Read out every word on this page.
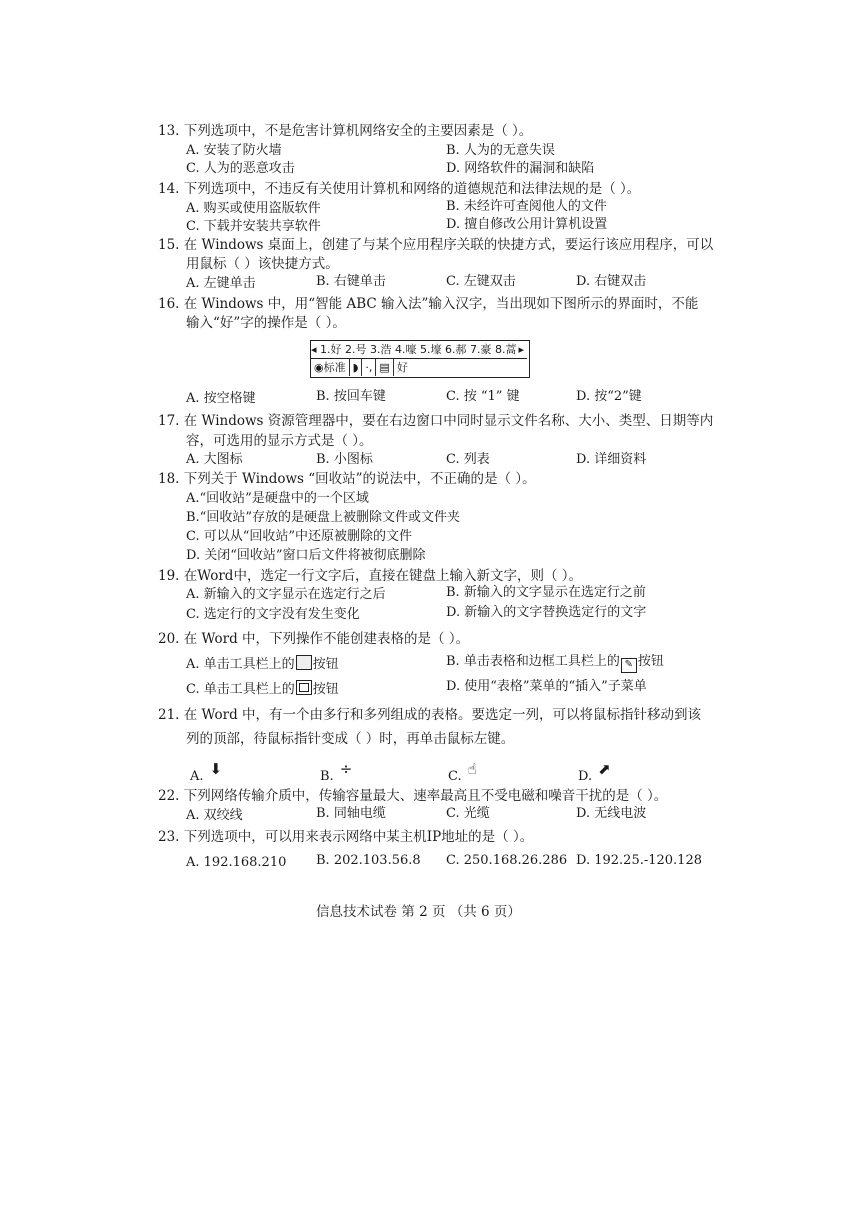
13. 下列选项中，不是危害计算机网络安全的主要因素是（ ）。
A. 安装了防火墙	B. 人为的无意失误
C. 人为的恶意攻击	D. 网络软件的漏洞和缺陷
14. 下列选项中，不违反有关使用计算机和网络的道德规范和法律法规的是（ ）。
A. 购买或使用盗版软件	B. 未经许可查阅他人的文件
C. 下载并安装共享软件	D. 擅自修改公用计算机设置
15. 在 Windows 桌面上，创建了与某个应用程序关联的快捷方式，要运行该应用程序，可以
用鼠标（ ）该快捷方式。
A. 左键单击	B. 右键单击	C. 左键双击	D. 右键双击
16. 在 Windows 中，用“智能 ABC 输入法”输入汉字，当出现如下图所示的界面时，不能
输入“好”字的操作是（ ）。
◂ 1.好 2.号 3.浩 4.嚎 5.壕 6.郝 7.豪 8.蒿 ▸
◉标准 ◗ ·, ▤ 好
A. 按空格键	B. 按回车键	C. 按 “1” 键	D. 按“2”键
17. 在 Windows 资源管理器中，要在右边窗口中同时显示文件名称、大小、类型、日期等内
容，可选用的显示方式是（ ）。
A. 大图标	B. 小图标	C. 列表	D. 详细资料
18. 下列关于 Windows “回收站”的说法中，不正确的是（ ）。
A.“回收站”是硬盘中的一个区域
B.“回收站”存放的是硬盘上被删除文件或文件夹
C. 可以从“回收站”中还原被删除的文件
D. 关闭“回收站”窗口后文件将被彻底删除
19. 在Word中，选定一行文字后，直接在键盘上输入新文字，则（ ）。
A. 新输入的文字显示在选定行之后	B. 新输入的文字显示在选定行之前
C. 选定行的文字没有发生变化	D. 新输入的文字替换选定行的文字
20. 在 Word 中，下列操作不能创建表格的是（ ）。
A. 单击工具栏上的 按钮	B. 单击表格和边框工具栏上的 ✎ 按钮
C. 单击工具栏上的 按钮	D. 使用“表格”菜单的“插入”子菜单
21. 在 Word 中，有一个由多行和多列组成的表格。要选定一列，可以将鼠标指针移动到该
列的顶部，待鼠标指针变成（ ）时，再单击鼠标左键。
A. ⬇	B. ÷	C. ☝	D. ⬈
22. 下列网络传输介质中，传输容量最大、速率最高且不受电磁和噪音干扰的是（ ）。
A. 双绞线	B. 同轴电缆	C. 光缆	D. 无线电波
23. 下列选项中，可以用来表示网络中某主机IP地址的是（ ）。
A. 192.168.210 B. 202.103.56.8 C. 250.168.26.286 D. 192.25.-120.128
信息技术试卷 第 2 页 （共 6 页）
